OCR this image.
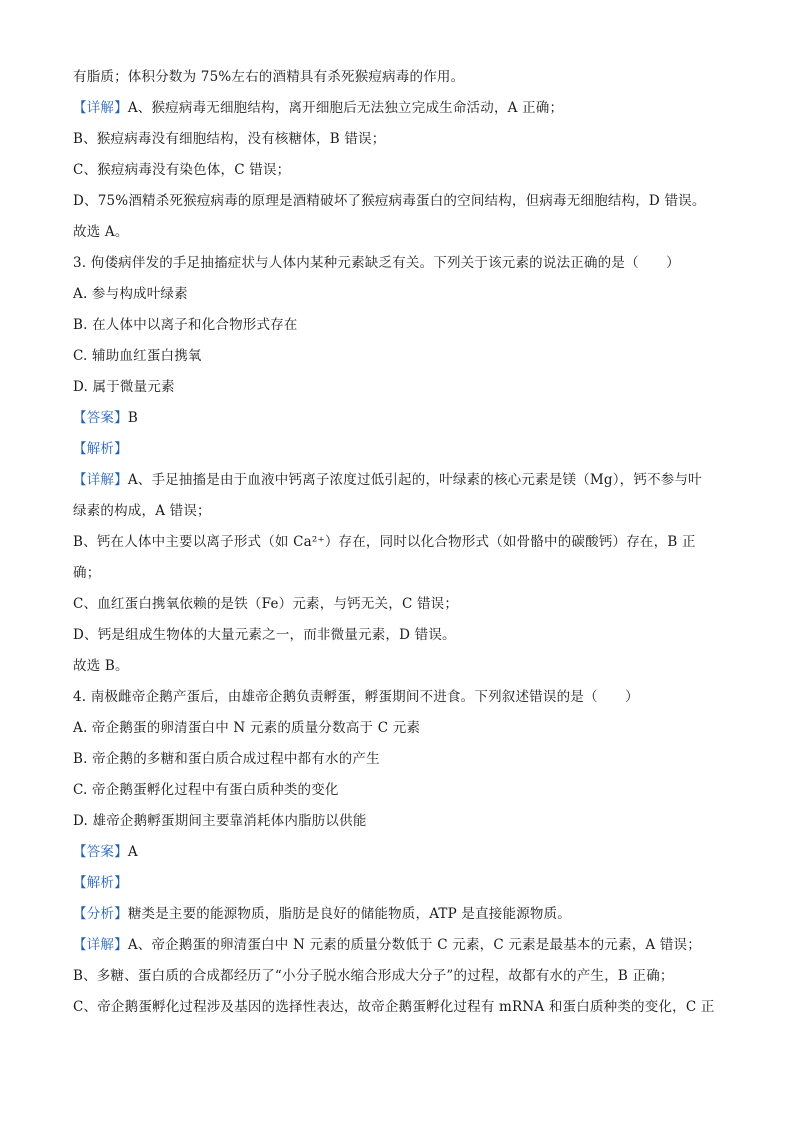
有脂质；体积分数为 75%左右的酒精具有杀死猴痘病毒的作用。
【详解】A、猴痘病毒无细胞结构，离开细胞后无法独立完成生命活动，A 正确；
B、猴痘病毒没有细胞结构，没有核糖体，B 错误；
C、猴痘病毒没有染色体，C 错误；
D、75%酒精杀死猴痘病毒的原理是酒精破坏了猴痘病毒蛋白的空间结构，但病毒无细胞结构，D 错误。
故选 A。
3. 佝偻病伴发的手足抽搐症状与人体内某种元素缺乏有关。下列关于该元素的说法正确的是（　　）
A. 参与构成叶绿素
B. 在人体中以离子和化合物形式存在
C. 辅助血红蛋白携氧
D. 属于微量元素
【答案】B
【解析】
【详解】A、手足抽搐是由于血液中钙离子浓度过低引起的，叶绿素的核心元素是镁（Mg），钙不参与叶
绿素的构成，A 错误；
B、钙在人体中主要以离子形式（如 Ca²⁺）存在，同时以化合物形式（如骨骼中的碳酸钙）存在，B 正
确；
C、血红蛋白携氧依赖的是铁（Fe）元素，与钙无关，C 错误；
D、钙是组成生物体的大量元素之一，而非微量元素，D 错误。
故选 B。
4. 南极雌帝企鹅产蛋后，由雄帝企鹅负责孵蛋，孵蛋期间不进食。下列叙述错误的是（　　）
A. 帝企鹅蛋的卵清蛋白中 N 元素的质量分数高于 C 元素
B. 帝企鹅的多糖和蛋白质合成过程中都有水的产生
C. 帝企鹅蛋孵化过程中有蛋白质种类的变化
D. 雄帝企鹅孵蛋期间主要靠消耗体内脂肪以供能
【答案】A
【解析】
【分析】糖类是主要的能源物质，脂肪是良好的储能物质，ATP 是直接能源物质。
【详解】A、帝企鹅蛋的卵清蛋白中 N 元素的质量分数低于 C 元素，C 元素是最基本的元素，A 错误；
B、多糖、蛋白质的合成都经历了“小分子脱水缩合形成大分子”的过程，故都有水的产生，B 正确；
C、帝企鹅蛋孵化过程涉及基因的选择性表达，故帝企鹅蛋孵化过程有 mRNA 和蛋白质种类的变化，C 正
